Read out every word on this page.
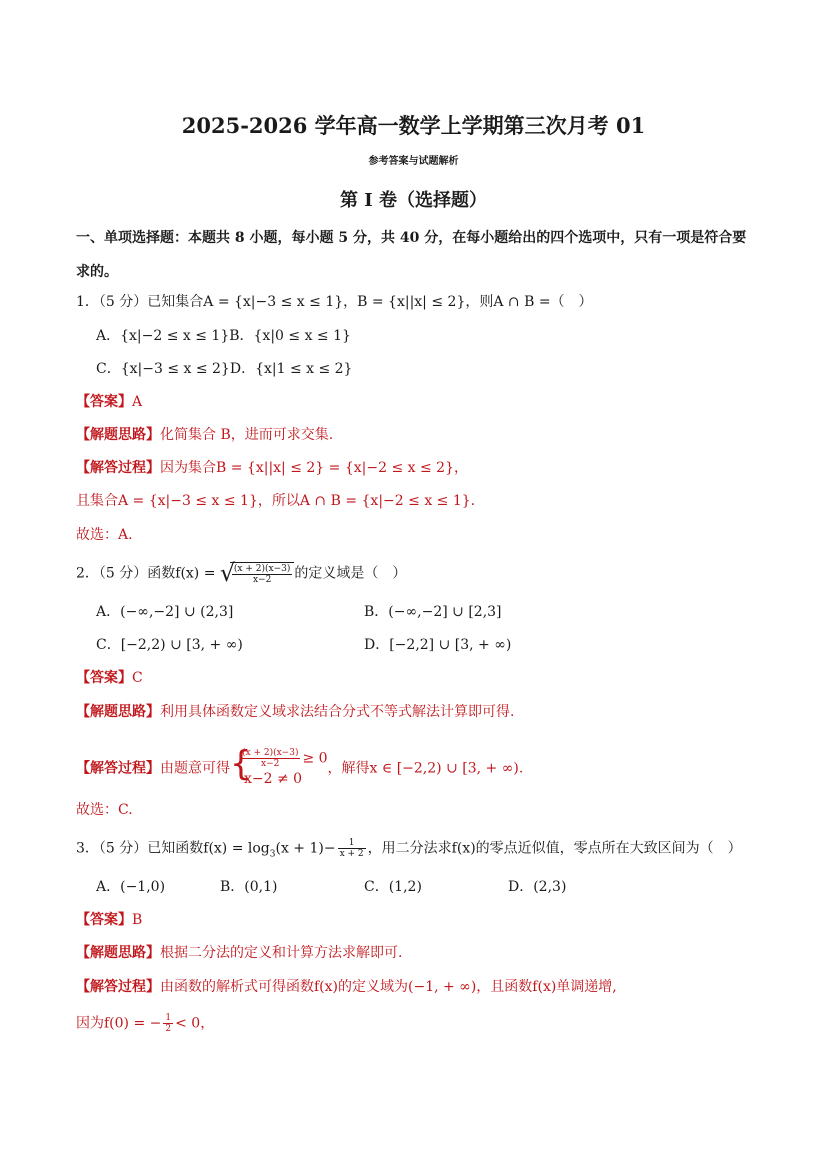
2025-2026 学年高一数学上学期第三次月考 01
参考答案与试题解析
第 I 卷（选择题）
一、单项选择题：本题共 8 小题，每小题 5 分，共 40 分，在每小题给出的四个选项中，只有一项是符合要
求的。
1．（5 分）已知集合A = {x|−3 ≤ x ≤ 1}，B = {x||x| ≤ 2}，则A ∩ B =（　）
A．{x|−2 ≤ x ≤ 1}B．{x|0 ≤ x ≤ 1}
C．{x|−3 ≤ x ≤ 2}D．{x|1 ≤ x ≤ 2}
【答案】A
【解题思路】化简集合 B，进而可求交集.
【解答过程】因为集合B = {x||x| ≤ 2} = {x|−2 ≤ x ≤ 2}，
且集合A = {x|−3 ≤ x ≤ 1}，所以A ∩ B = {x|−2 ≤ x ≤ 1}.
故选：A.
2．（5 分）函数f(x) = √
$\frac{(x + 2)(x-3)}{x-2}$ 的定义域是（　）
A．(−∞,−2] ∪ (2,3]	B．(−∞,−2] ∪ [2,3]
C．[−2,2) ∪ [3, + ∞)	D．[−2,2] ∪ [3, + ∞)
【答案】C
【解题思路】利用具体函数定义域求法结合分式不等式解法计算即可得.
【解答过程】由题意可得 {
$\frac{(x + 2)(x-3)}{x-2} \ge 0$
x−2 ≠ 0
，解得x ∈ [−2,2) ∪ [3, + ∞).
故选：C.
3．（5 分）已知函数$f(x) = \log_3(x + 1)- \frac{1}{x + 2}$ ，用二分法求f(x)的零点近似值，零点所在大致区间为（　）
A．(−1,0)	B．(0,1)	C．(1,2)	D．(2,3)
【答案】B
【解题思路】根据二分法的定义和计算方法求解即可.
【解答过程】由函数的解析式可得函数f(x)的定义域为(−1, + ∞)，且函数f(x)单调递增,
因为f(0) = − $\frac{1}{2} < 0$，
